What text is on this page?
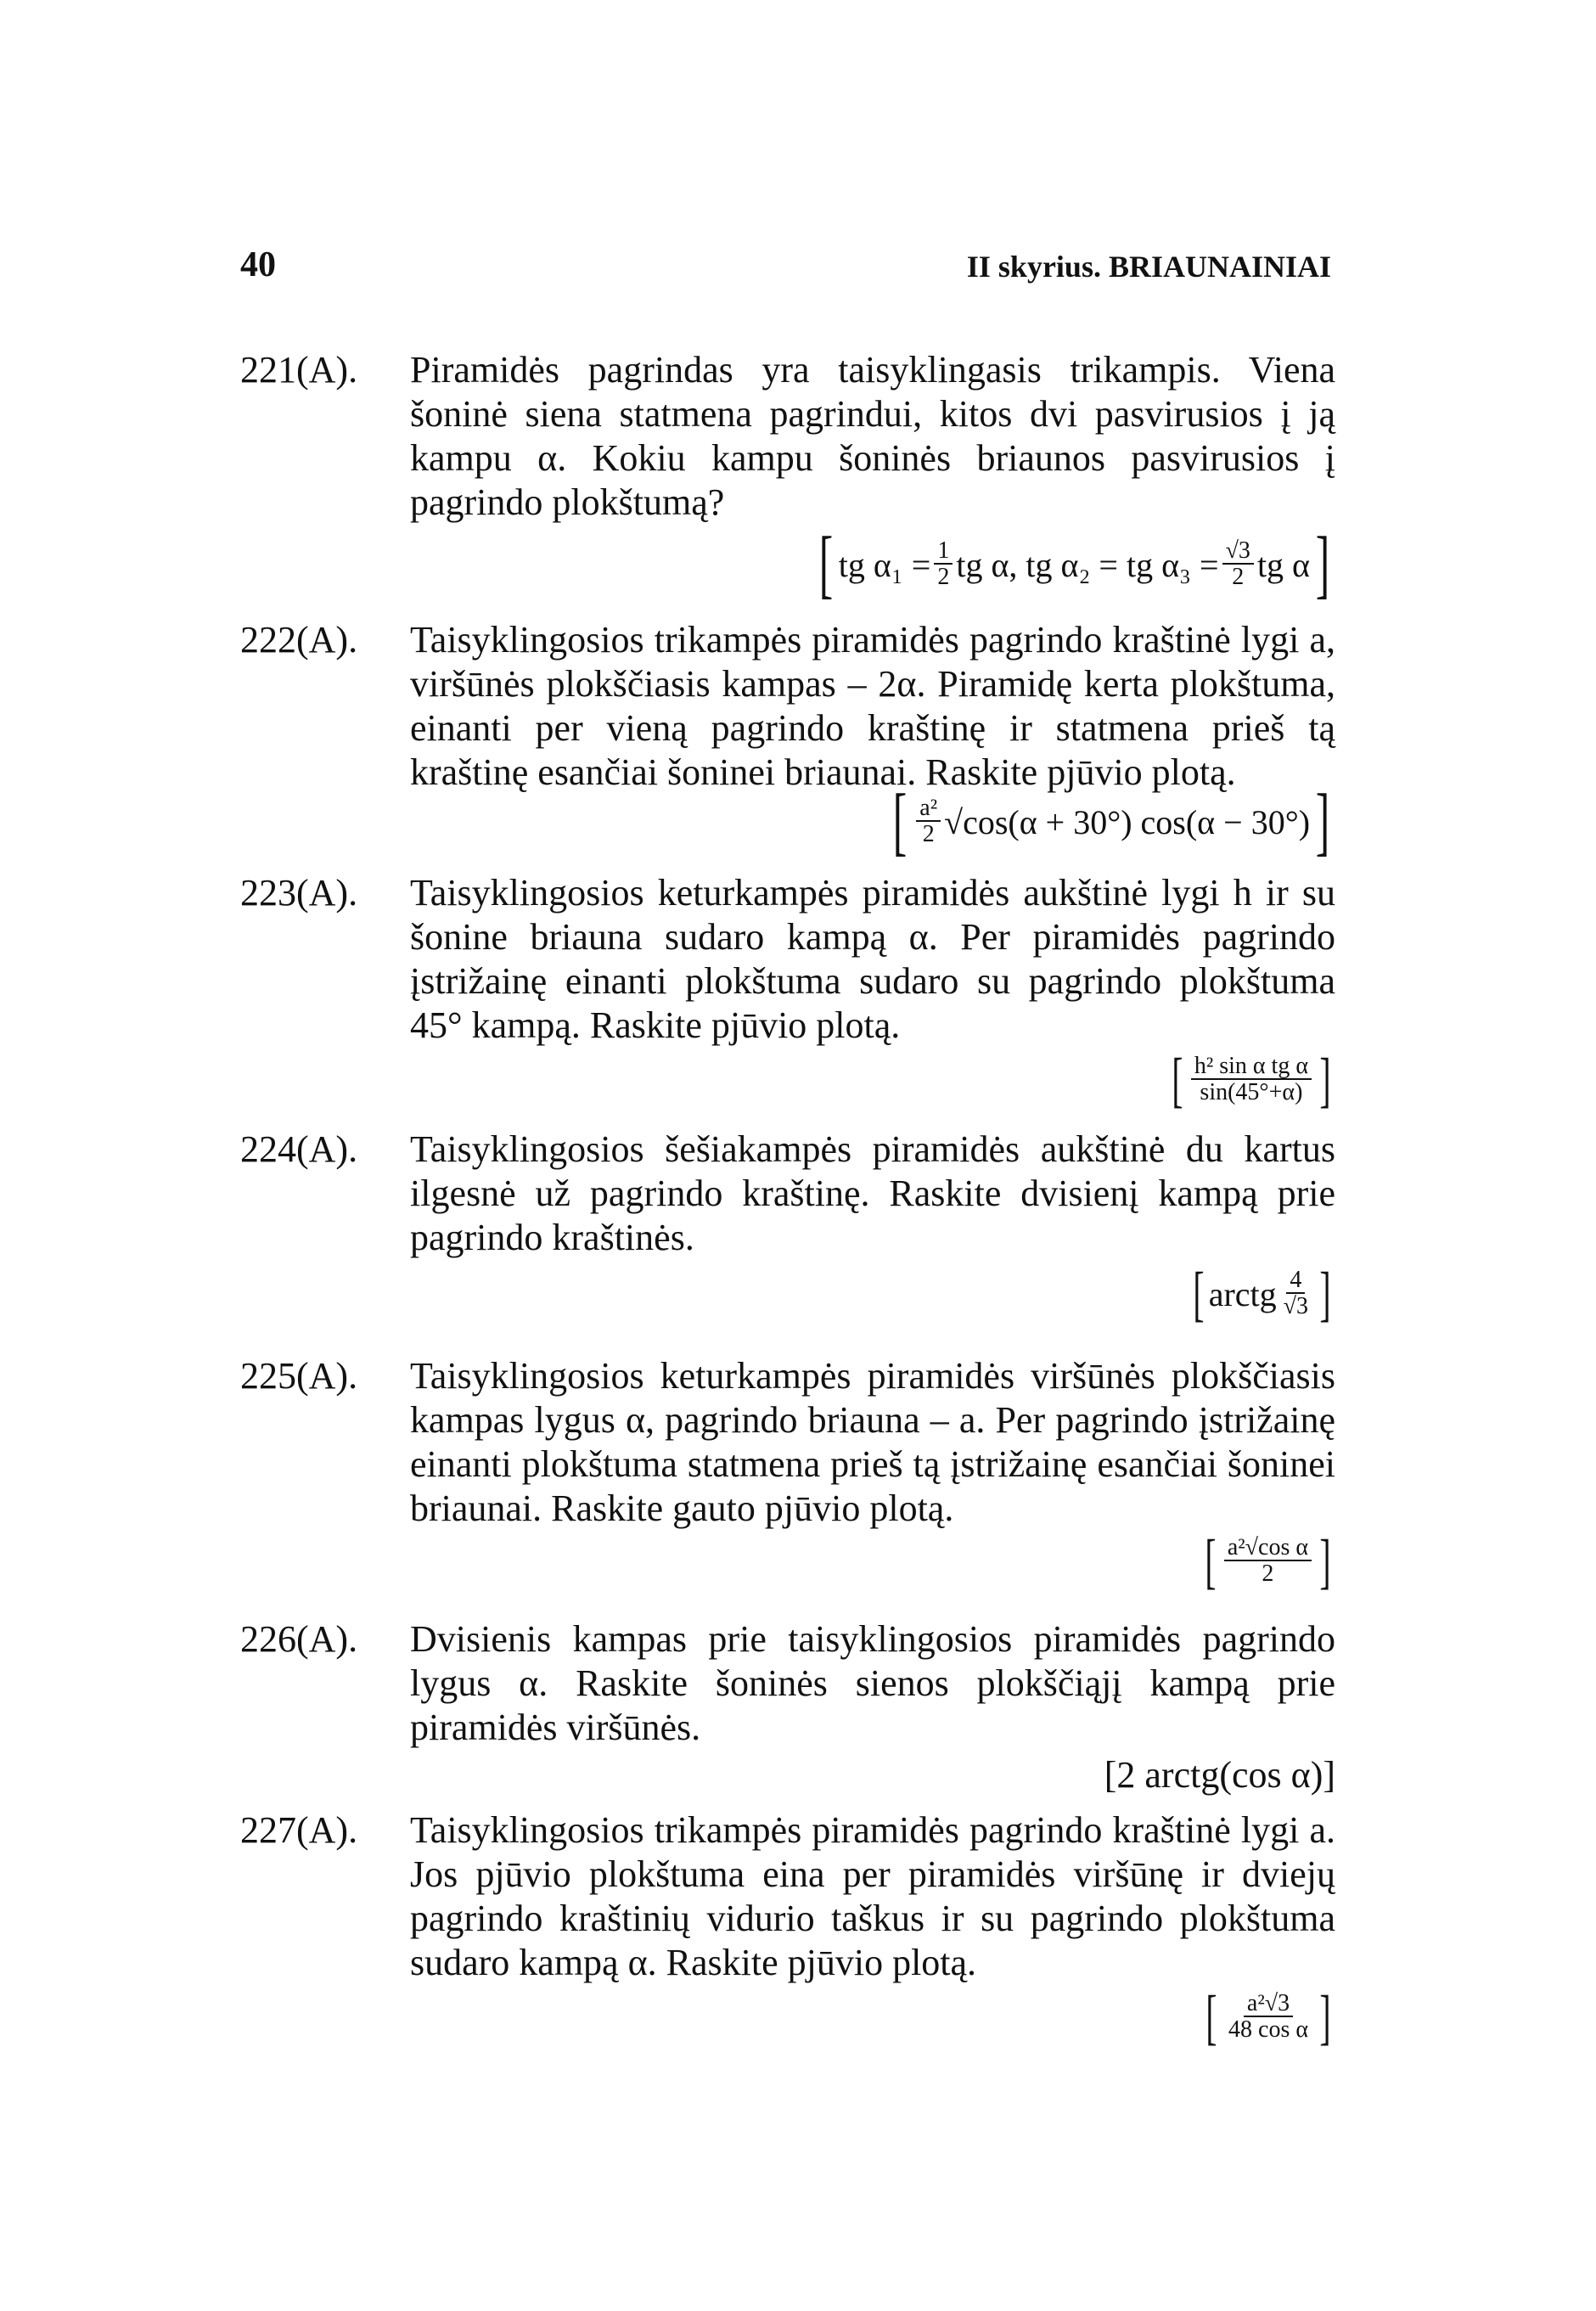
40	II skyrius. BRIAUNAINIAI
221(A). Piramidės pagrindas yra taisyklingasis trikampis. Viena šoninė siena statmena pagrindui, kitos dvi pasvirusios į ją kampu α. Kokiu kampu šoninės briaunos pasvirusios į pagrindo plokštumą?
[ tg $\alpha_1 = \frac{1}{2}$ tg α, tg α₂ = tg $\alpha_3 = \frac{√3}{2}$ tg α ]
222(A). Taisyklingosios trikampės piramidės pagrindo kraštinė lygi a, viršūnės plokščiasis kampas – 2α. Piramidę kerta plokštuma, einanti per vieną pagrindo kraštinę ir statmena prieš tą kraštinę esančiai šoninei briaunai. Raskite pjūvio plotą.
[ $\frac{\text{a²}}{2} √\cos(\alpha + 30^\circ) \cos(\alpha - 30^\circ)$ ]
223(A). Taisyklingosios keturkampės piramidės aukštinė lygi h ir su šonine briauna sudaro kampą α. Per piramidės pagrindo įstrižainę einanti plokštuma sudaro su pagrindo plokštuma 45° kampą. Raskite pjūvio plotą.
[ $\frac{\text{h² sin α tg α}}{\sin(45^\circ+\alpha)}$ ]
224(A). Taisyklingosios šešiakampės piramidės aukštinė du kartus ilgesnė už pagrindo kraštinę. Raskite dvisienį kampą prie pagrindo kraštinės.
[ arctg $\frac{4}{√3}$ ]
225(A). Taisyklingosios keturkampės piramidės viršūnės plokščiasis kampas lygus α, pagrindo briauna – a. Per pagrindo įstrižainę einanti plokštuma statmena prieš tą įstrižainę esančiai šoninei briaunai. Raskite gauto pjūvio plotą.
[ $\frac{\text{a²√cos α}}{2}$ ]
226(A). Dvisienis kampas prie taisyklingosios piramidės pagrindo lygus α. Raskite šoninės sienos plokščiąjį kampą prie piramidės viršūnės.
[2 arctg(cos α)]
227(A). Taisyklingosios trikampės piramidės pagrindo kraštinė lygi a. Jos pjūvio plokštuma eina per piramidės viršūnę ir dviejų pagrindo kraštinių vidurio taškus ir su pagrindo plokštuma sudaro kampą α. Raskite pjūvio plotą.
[ $\frac{\text{a²√3}}{\text{48 cos α}}$ ]
